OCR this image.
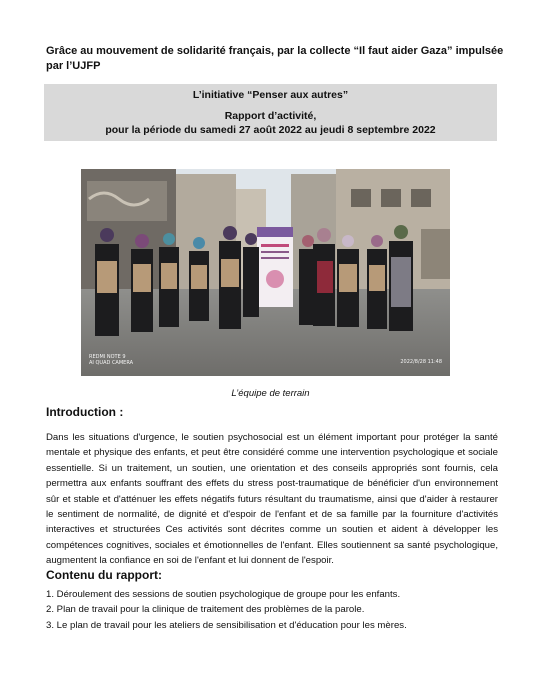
Grâce au mouvement de solidarité français, par la collecte “Il faut aider Gaza” impulsée par l’UJFP
L’initiative “Penser aux autres”
Rapport d’activité,
pour la période du samedi 27 août 2022 au jeudi 8 septembre 2022
REDMI NOTE 9
AI QUAD CAMERA	2022/8/28 11:48
L’équipe de terrain
Introduction :
Dans les situations d'urgence, le soutien psychosocial est un élément important pour protéger la santé mentale et physique des enfants, et peut être considéré comme une intervention psychologique et sociale essentielle. Si un traitement, un soutien, une orientation et des conseils appropriés sont fournis, cela permettra aux enfants souffrant des effets du stress post-traumatique de bénéficier d'un environnement sûr et stable et d'atténuer les effets négatifs futurs résultant du traumatisme, ainsi que d'aider à restaurer le sentiment de normalité, de dignité et d'espoir de l'enfant et de sa famille par la fourniture d'activités interactives et structurées Ces activités sont décrites comme un soutien et aident à développer les compétences cognitives, sociales et émotionnelles de l'enfant. Elles soutiennent sa santé psychologique, augmentent la confiance en soi de l'enfant et lui donnent de l'espoir.
Contenu du rapport:
1. Déroulement des sessions de soutien psychologique de groupe pour les enfants.
2. Plan de travail pour la clinique de traitement des problèmes de la parole.
3. Le plan de travail pour les ateliers de sensibilisation et d'éducation pour les mères.
